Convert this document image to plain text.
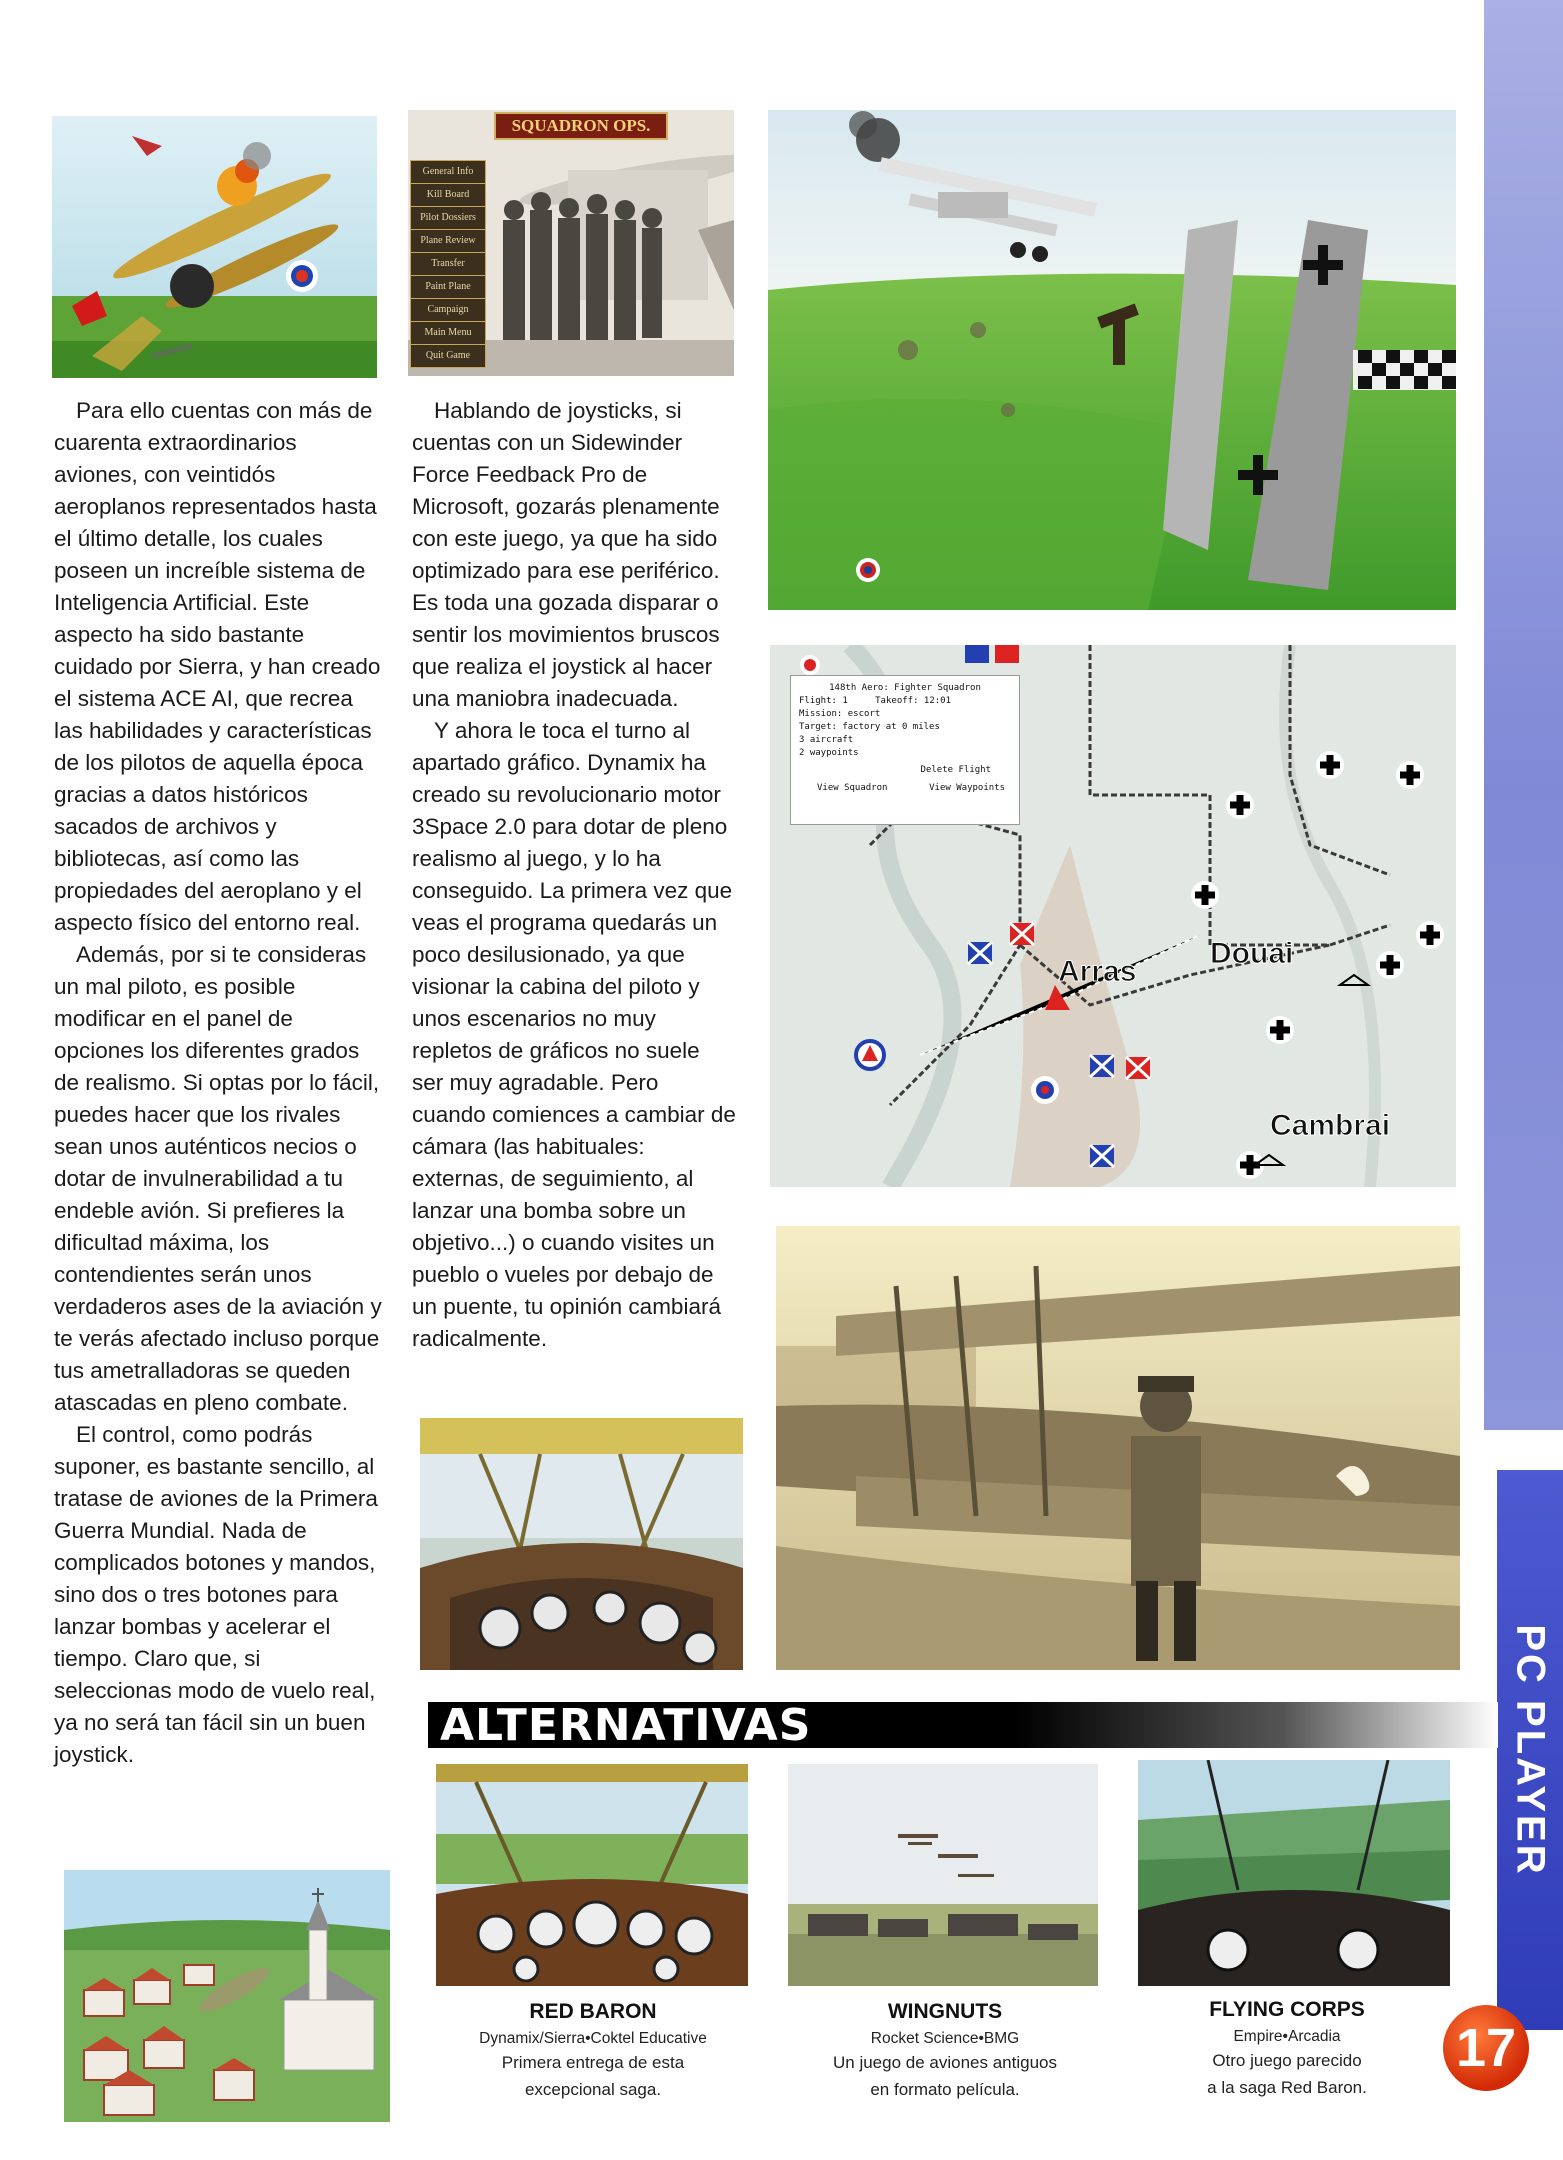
PC PLAYER
17
SQUADRON OPS.
General Info
Kill Board
Pilot Dossiers
Plane Review
Transfer
Paint Plane
Campaign
Main Menu
Quit Game
Arras
Douai
Cambrai
148th Aero: Fighter Squadron
Flight: 1	Takeoff: 12:01
Mission: escort
Target: factory at 0 miles
3 aircraft
2 waypoints
Delete Flight
View Squadron	View Waypoints

Para ello cuentas con más de cuarenta extraordinarios aviones, con veintidós aeroplanos representados hasta el último detalle, los cuales poseen un increíble sistema de Inteligencia Artificial. Este aspecto ha sido bastante cuidado por Sierra, y han creado el sistema ACE AI, que recrea las habilidades y características de los pilotos de aquella época gracias a datos históricos sacados de archivos y bibliotecas, así como las propiedades del aeroplano y el aspecto físico del entorno real.

Además, por si te consideras un mal piloto, es posible modificar en el panel de opciones los diferentes grados de realismo. Si optas por lo fácil, puedes hacer que los rivales sean unos auténticos necios o dotar de invulnerabilidad a tu endeble avión. Si prefieres la dificultad máxima, los contendientes serán unos verdaderos ases de la aviación y te verás afectado incluso porque tus ametralladoras se queden atascadas en pleno combate.

El control, como podrás suponer, es bastante sencillo, al tratase de aviones de la Primera Guerra Mundial. Nada de complicados botones y mandos, sino dos o tres botones para lanzar bombas y acelerar el tiempo. Claro que, si seleccionas modo de vuelo real, ya no será tan fácil sin un buen joystick.

Hablando de joysticks, si cuentas con un Sidewinder Force Feedback Pro de Microsoft, gozarás plenamente con este juego, ya que ha sido optimizado para ese periférico. Es toda una gozada disparar o sentir los movimientos bruscos que realiza el joystick al hacer una maniobra inadecuada.

Y ahora le toca el turno al apartado gráfico. Dynamix ha creado su revolucionario motor 3Space 2.0 para dotar de pleno realismo al juego, y lo ha conseguido. La primera vez que veas el programa quedarás un poco desilusionado, ya que visionar la cabina del piloto y unos escenarios no muy repletos de gráficos no suele ser muy agradable. Pero cuando comiences a cambiar de cámara (las habituales: externas, de seguimiento, al lanzar una bomba sobre un objetivo...) o cuando visites un pueblo o vueles por debajo de un puente, tu opinión cambiará radicalmente.

ALTERNATIVAS
RED BARON
Dynamix/Sierra•Coktel Educative
Primera entrega de esta
excepcional saga.
WINGNUTS
Rocket Science•BMG
Un juego de aviones antiguos
en formato película.
FLYING CORPS
Empire•Arcadia
Otro juego parecido
a la saga Red Baron.
